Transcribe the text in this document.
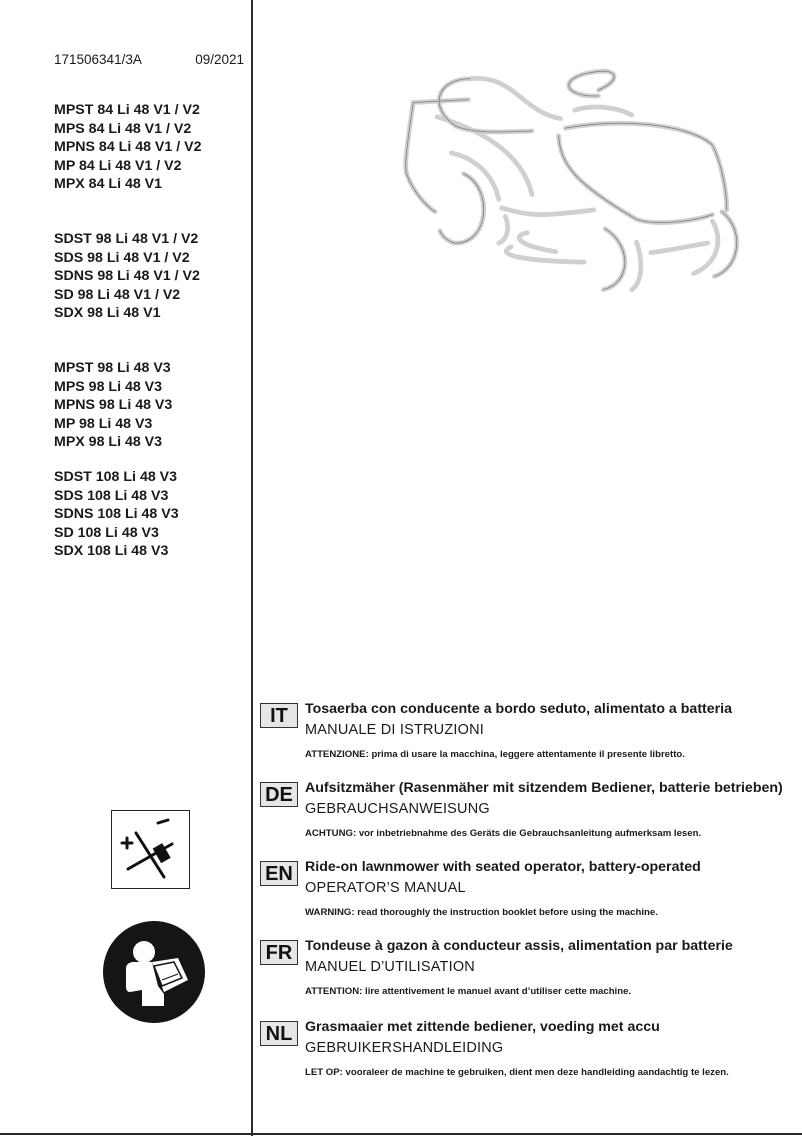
171506341/3A	09/2021
MPST 84 Li 48 V1 / V2
MPS 84 Li 48 V1 / V2
MPNS 84 Li 48 V1 / V2
MP 84 Li 48 V1 / V2
MPX 84 Li 48 V1
SDST 98 Li 48 V1 / V2
SDS 98 Li 48 V1 / V2
SDNS 98 Li 48 V1 / V2
SD 98 Li 48 V1 / V2
SDX 98 Li 48 V1
MPST 98 Li 48 V3
MPS 98 Li 48 V3
MPNS 98 Li 48 V3
MP 98 Li 48 V3
MPX 98 Li 48 V3
SDST 108 Li 48 V3
SDS 108 Li 48 V3
SDNS 108 Li 48 V3
SD 108 Li 48 V3
SDX 108 Li 48 V3
IT	Tosaerba con conducente a bordo seduto, alimentato a batteria
MANUALE DI ISTRUZIONI
ATTENZIONE: prima di usare la macchina, leggere attentamente il presente libretto.
DE Aufsitzmäher (Rasenmäher mit sitzendem Bediener, batterie betrieben)
GEBRAUCHSANWEISUNG
ACHTUNG: vor inbetriebnahme des Geräts die Gebrauchsanleitung aufmerksam lesen.
EN Ride-on lawnmower with seated operator, battery-operated
OPERATOR’S MANUAL
WARNING: read thoroughly the instruction booklet before using the machine.
FR Tondeuse à gazon à conducteur assis, alimentation par batterie
MANUEL D’UTILISATION
ATTENTION: lire attentivement le manuel avant d’utiliser cette machine.
NL Grasmaaier met zittende bediener, voeding met accu
GEBRUIKERSHANDLEIDING
LET OP: vooraleer de machine te gebruiken, dient men deze handleiding aandachtig te lezen.
